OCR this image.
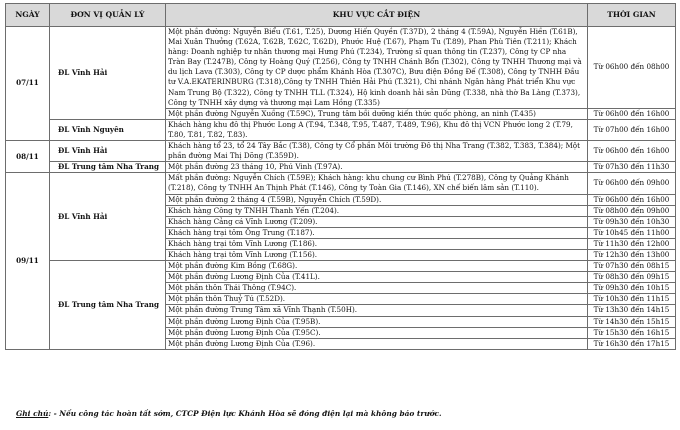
NGÀY	ĐƠN VỊ QUẢN LÝ	KHU VỰC CẮT ĐIỆN	THỜI GIAN
07/11	ĐL Vĩnh Hải	Một phần đường: Nguyễn Biểu (T.61, T.25), Dương Hiến Quyền (T.37D), 2 tháng 4 (T.59A), Nguyễn Hiền (T.61B), Mai Xuân Thưởng (T.62A, T.62B, T.62C, T.62D), Phước Huệ (T.67), Phạm Tu (T.89), Phan Phù Tiên (T.211); Khách hàng: Doanh nghiệp tư nhân thương mại Hưng Phú (T.234), Trường sĩ quan thông tin (T.237), Công ty CP nha Tràn Bay (T.247B), Công ty Hoàng Quý (T.256), Công ty TNHH Chánh Bổn (T.302), Công ty TNHH Thương mại và du lịch Lava (T.303), Công ty CP dược phẩm Khánh Hòa (T.307C), Bưu điện Đồng Đế (T.308), Công ty TNHH Đầu tư V.A.EKATERINBURG (T.318),Công ty TNHH Thiên Hải Phú (T.321), Chi nhánh Ngân hàng Phát triển Khu vực Nam Trung Bộ (T.322), Công ty TNHH TLL (T.324), Hộ kinh doanh hải sản Dũng (T.338, nhà thờ Ba Làng (T.373), Công ty TNHH xây dựng và thương mại Lam Hồng (T.335)	Từ 06h00 đến 08h00
		Một phần đường Nguyễn Xuồng (T.59C), Trung tâm bồi dưỡng kiến thức quốc phòng, an ninh (T.435)	Từ 06h00 đến 16h00
	ĐL Vĩnh Nguyên	Khách hàng khu đô thị Phước Long A (T.94, T.348, T.95, T.487, T.489, T.96), Khu đô thị VCN Phước long 2 (T.79, T.80, T.81, T.82, T.83).	Từ 07h00 đến 16h00
08/11	ĐL Vĩnh Hải	Khách hàng tổ 23, tổ 24 Tây Bắc (T.38), Công ty Cổ phần Môi trường Đô thị Nha Trang (T.382, T.383, T.384); Một phần đường Mai Thị Dõng (T.359D).	Từ 06h00 đến 16h00
	ĐL Trung tâm Nha Trang	Một phần đường 23 tháng 10, Phú Vinh (T.97A).	Từ 07h30 đến 11h30
09/11	ĐL Vĩnh Hải	Mất phần đường: Nguyễn Chích (T.59E); Khách hàng: khu chung cư Bình Phú (T.278B), Công ty Quảng Khánh (T.218), Công ty TNHH An Thịnh Phát (T.146), Công ty Toàn Gia (T.146), XN chế biến lâm sản (T.110).	Từ 06h00 đến 09h00
		Một phần đường 2 tháng 4 (T.59B), Nguyễn Chích (T.59D).	Từ 06h00 đến 16h00
		Khách hàng Công ty TNHH Thanh Yến (T.204).	Từ 08h00 đến 09h00
		Khách hàng Cảng cá Vĩnh Lương (T.209).	Từ 09h30 đến 10h30
		Khách hàng trại tôm Ông Trung (T.187).	Từ 10h45 đến 11h00
		Khách hàng trại tôm Vĩnh Lương (T.186).	Từ 11h30 đến 12h00
		Khách hàng trại tôm Vĩnh Lương (T.156).	Từ 12h30 đến 13h00
	ĐL Trung tâm Nha Trang	Một phần đường Kim Bồng (T.68G).	Từ 07h30 đến 08h15
		Một phần đường Lương Định Của (T.41L).	Từ 08h30 đến 09h15
		Một phần thôn Thái Thông (T.94C).	Từ 09h30 đến 10h15
		Một phần thôn Thuỷ Tú (T.52D).	Từ 10h30 đến 11h15
		Một phần đường Trung Tâm xã Vĩnh Thạnh (T.50H).	Từ 13h30 đến 14h15
		Một phần đường Lương Định Của (T.95B).	Từ 14h30 đến 15h15
		Một phần đường Lương Định Của (T.95C).	Từ 15h30 đến 16h15
		Một phần đường Lương Định Của (T.96).	Từ 16h30 đến 17h15
Ghi chú: - Nếu công tác hoàn tất sớm, CTCP Điện lực Khánh Hòa sẽ đóng điện lại mà không báo trước.
